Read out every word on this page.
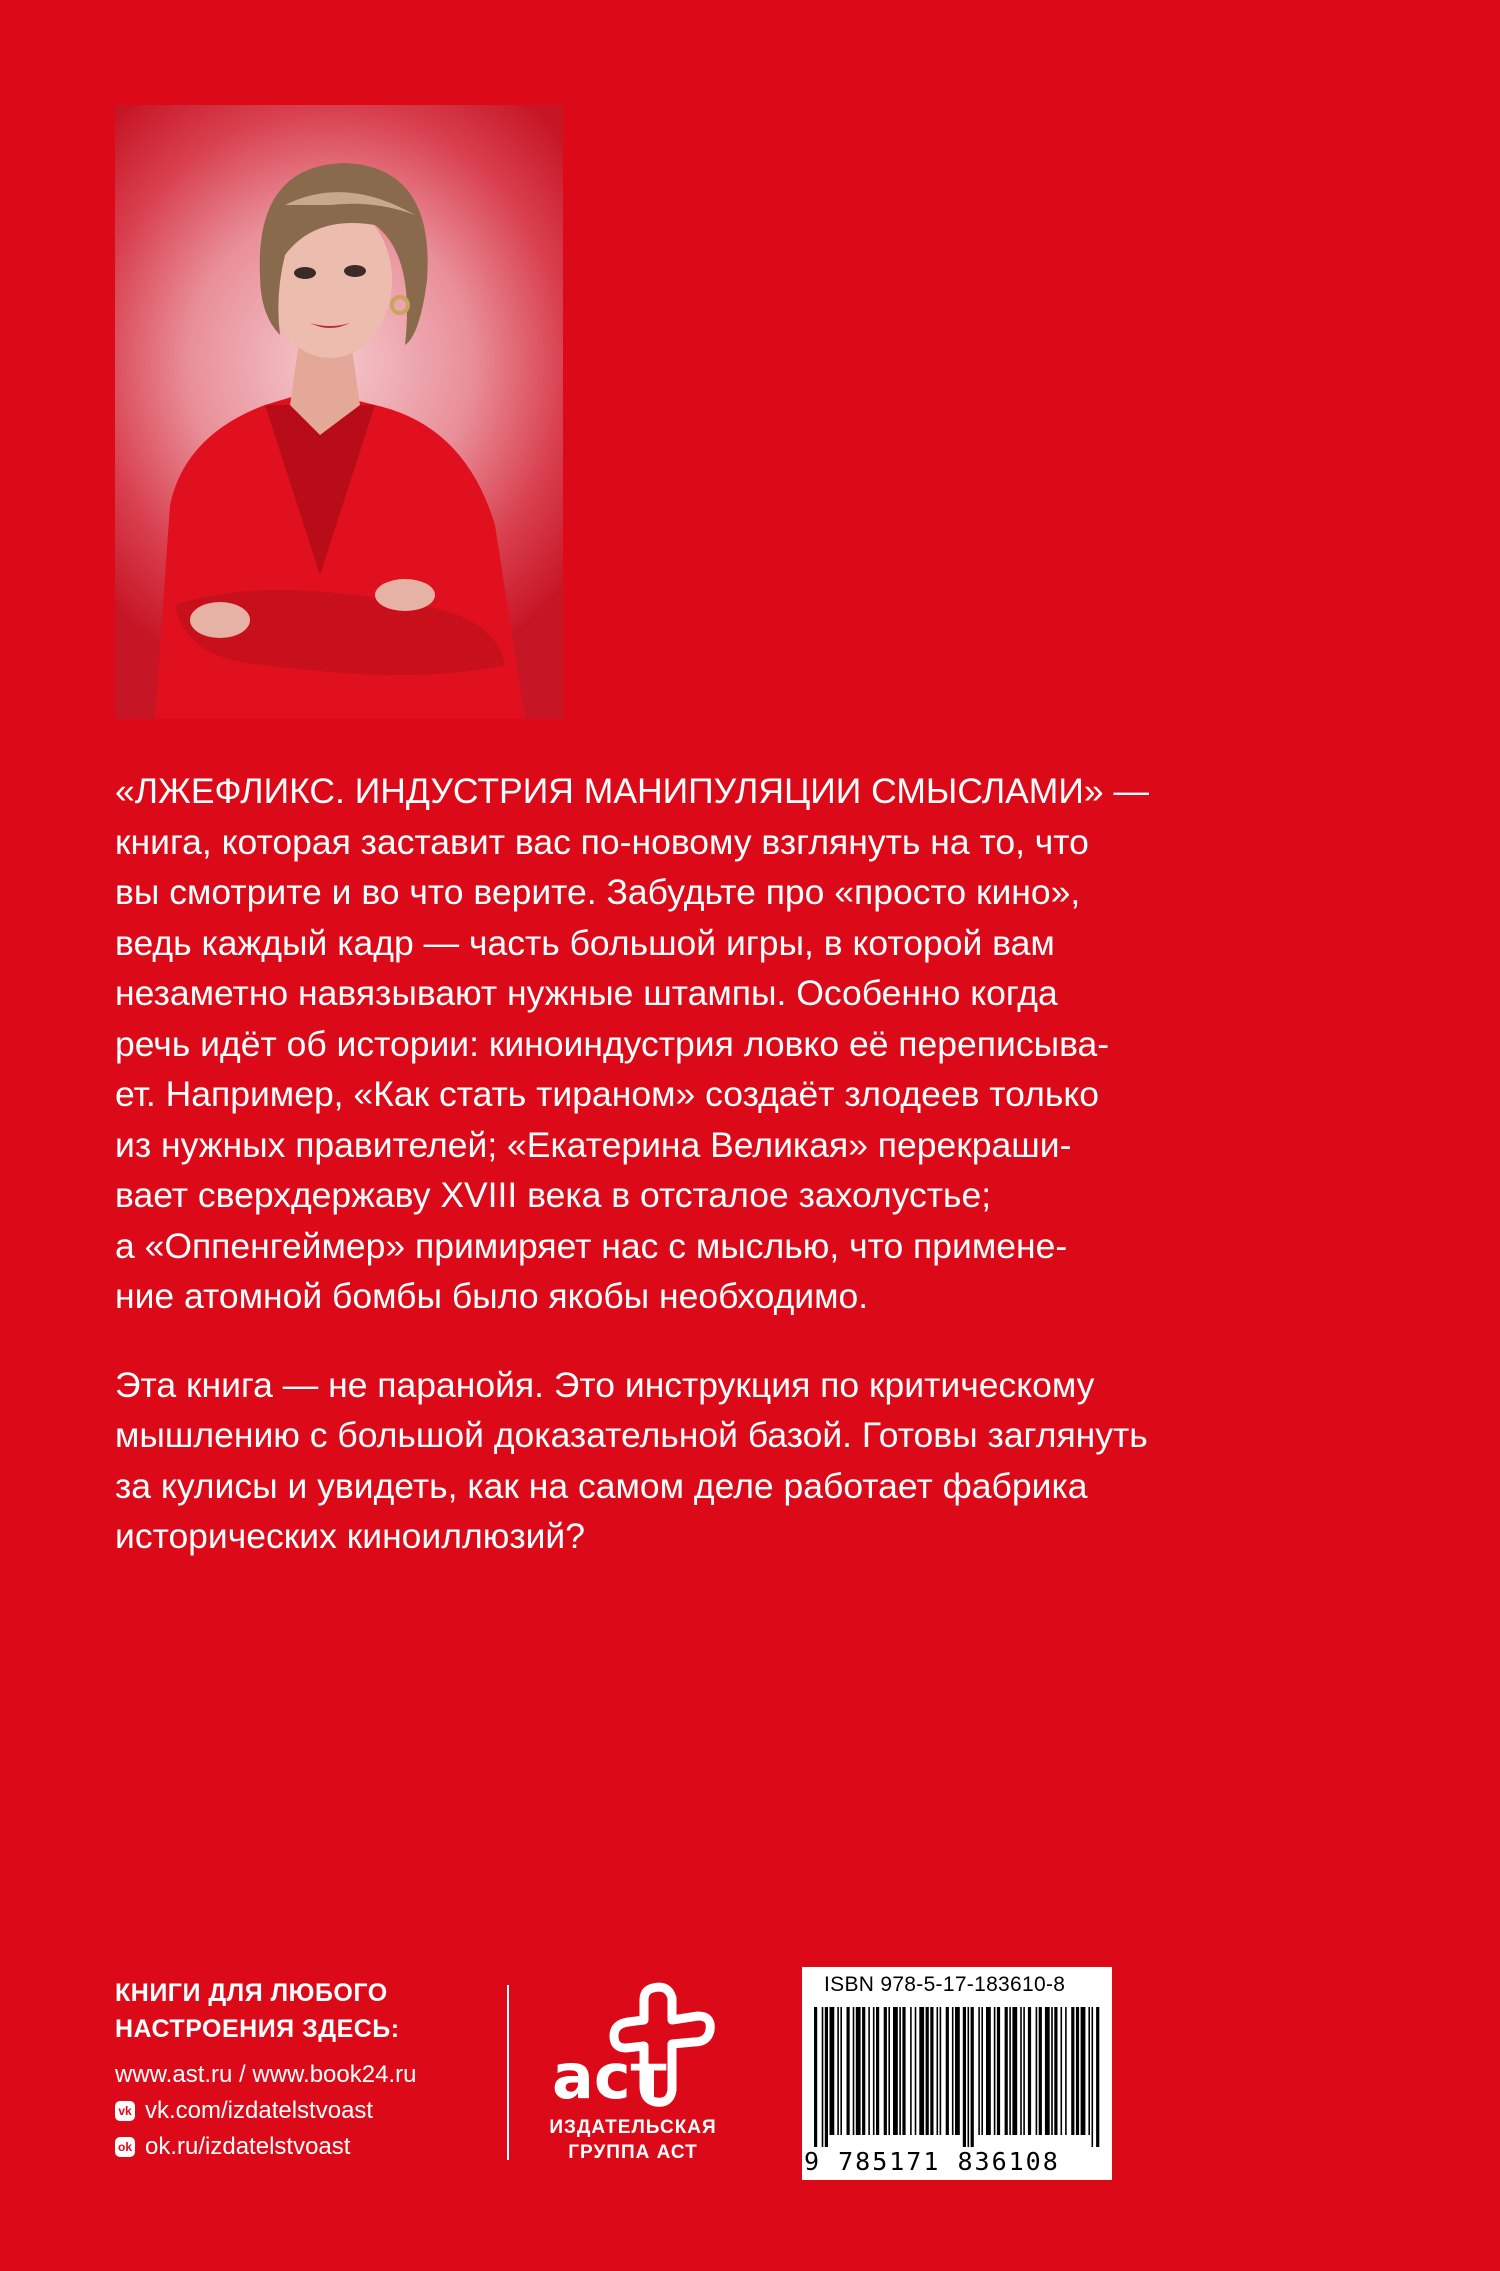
«ЛЖЕФЛИКС. ИНДУСТРИЯ МАНИПУЛЯЦИИ СМЫСЛАМИ» —
книга, которая заставит вас по-новому взглянуть на то, что
вы смотрите и во что верите. Забудьте про «просто кино»,
ведь каждый кадр — часть большой игры, в которой вам
незаметно навязывают нужные штампы. Особенно когда
речь идёт об истории: киноиндустрия ловко её переписыва-
ет. Например, «Как стать тираном» создаёт злодеев только
из нужных правителей; «Екатерина Великая» перекраши-
вает сверхдержаву XVIII века в отсталое захолустье;
а «Оппенгеймер» примиряет нас с мыслью, что примене-
ние атомной бомбы было якобы необходимо.

Эта книга — не паранойя. Это инструкция по критическому
мышлению с большой доказательной базой. Готовы заглянуть
за кулисы и увидеть, как на самом деле работает фабрика
исторических киноиллюзий?

КНИГИ ДЛЯ ЛЮБОГО
НАСТРОЕНИЯ ЗДЕСЬ:
www.ast.ru / www.book24.ru
vk vk.com/izdatelstvoast
ok ok.ru/izdatelstvoast
аст
ИЗДАТЕЛЬСКАЯ
ГРУППА АСТ
ISBN 978-5-17-183610-8
9 785171 836108
